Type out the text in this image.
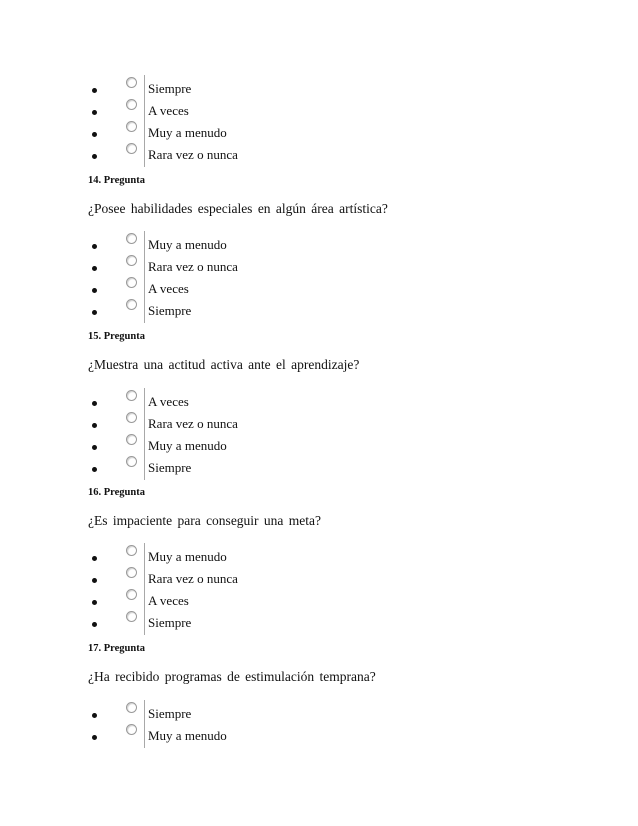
Siempre
A veces
Muy a menudo
Rara vez o nunca
14. Pregunta
¿Posee habilidades especiales en algún área artística?
Muy a menudo
Rara vez o nunca
A veces
Siempre
15. Pregunta
¿Muestra una actitud activa ante el aprendizaje?
A veces
Rara vez o nunca
Muy a menudo
Siempre
16. Pregunta
¿Es impaciente para conseguir una meta?
Muy a menudo
Rara vez o nunca
A veces
Siempre
17. Pregunta
¿Ha recibido programas de estimulación temprana?
Siempre
Muy a menudo
